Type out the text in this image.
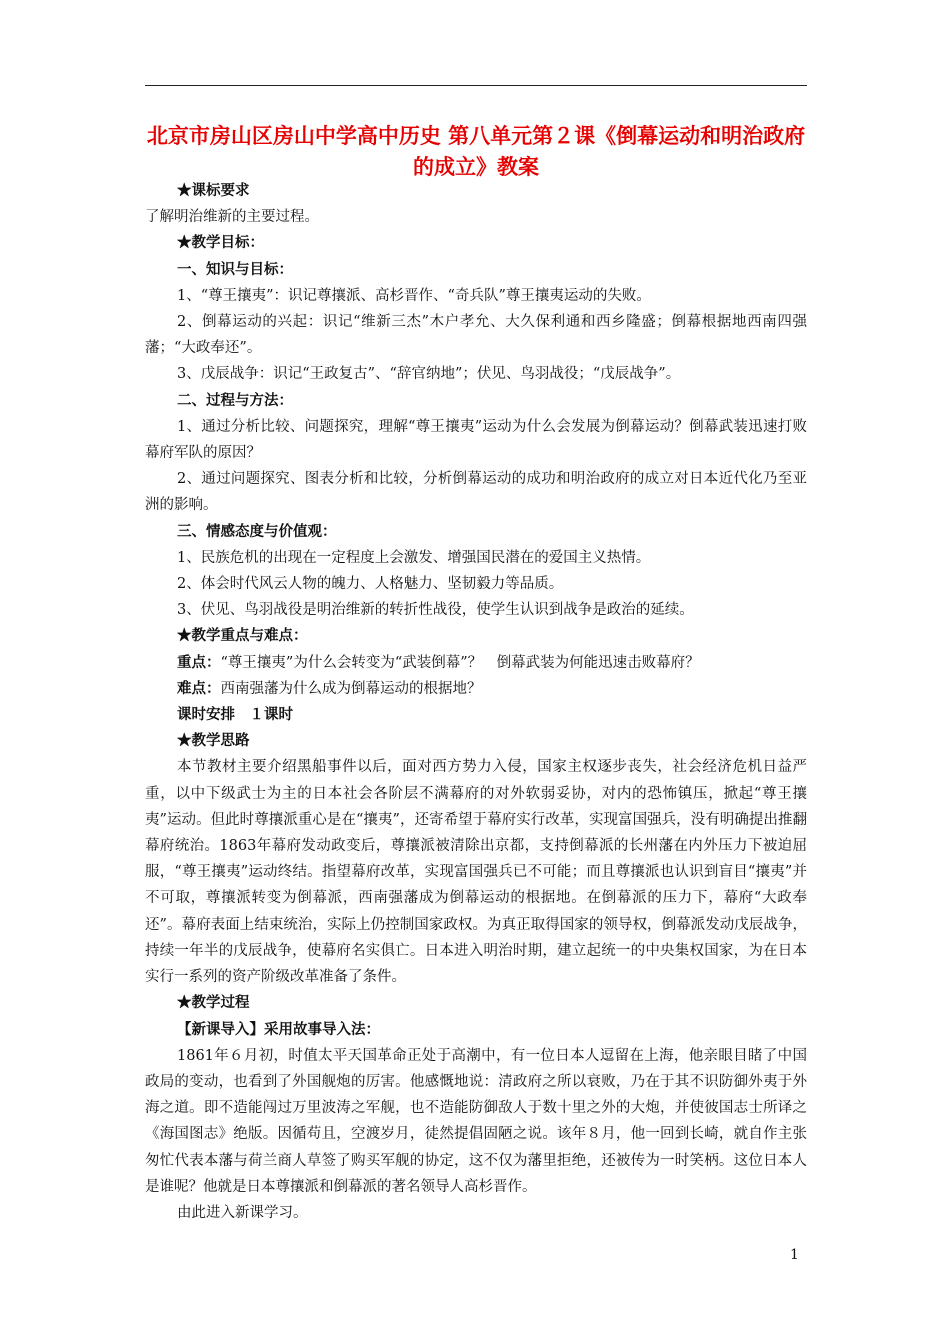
北京市房山区房山中学高中历史 第八单元第２课《倒幕运动和明治政府的成立》教案

★课标要求

了解明治维新的主要过程。

★教学目标：

一、知识与目标：

1、“尊王攘夷”：识记尊攘派、高杉晋作、“奇兵队”尊王攘夷运动的失败。

2、倒幕运动的兴起：识记“维新三杰”木户孝允、大久保利通和西乡隆盛；倒幕根据地西南四强藩；“大政奉还”。

3、戊辰战争：识记“王政复古”、“辞官纳地”；伏见、鸟羽战役；“戊辰战争”。

二、过程与方法：

1、通过分析比较、问题探究，理解“尊王攘夷”运动为什么会发展为倒幕运动？倒幕武装迅速打败幕府军队的原因？

2、通过问题探究、图表分析和比较，分析倒幕运动的成功和明治政府的成立对日本近代化乃至亚洲的影响。

三、情感态度与价值观：

1、民族危机的出现在一定程度上会激发、增强国民潜在的爱国主义热情。

2、体会时代风云人物的魄力、人格魅力、坚韧毅力等品质。

3、伏见、鸟羽战役是明治维新的转折性战役，使学生认识到战争是政治的延续。

★教学重点与难点：

重点：“尊王攘夷”为什么会转变为“武装倒幕”？　倒幕武装为何能迅速击败幕府？

难点：西南强藩为什么成为倒幕运动的根据地？

课时安排　１课时

★教学思路

本节教材主要介绍黑船事件以后，面对西方势力入侵，国家主权逐步丧失，社会经济危机日益严重，以中下级武士为主的日本社会各阶层不满幕府的对外软弱妥协，对内的恐怖镇压，掀起“尊王攘夷”运动。但此时尊攘派重心是在“攘夷”，还寄希望于幕府实行改革，实现富国强兵，没有明确提出推翻幕府统治。1863年幕府发动政变后，尊攘派被清除出京都，支持倒幕派的长州藩在内外压力下被迫屈服，“尊王攘夷”运动终结。指望幕府改革，实现富国强兵已不可能；而且尊攘派也认识到盲目“攘夷”并不可取，尊攘派转变为倒幕派，西南强藩成为倒幕运动的根据地。在倒幕派的压力下，幕府“大政奉还”。幕府表面上结束统治，实际上仍控制国家政权。为真正取得国家的领导权，倒幕派发动戊辰战争，持续一年半的戊辰战争，使幕府名实俱亡。日本进入明治时期，建立起统一的中央集权国家，为在日本实行一系列的资产阶级改革准备了条件。

★教学过程

【新课导入】采用故事导入法：

1861年６月初，时值太平天国革命正处于高潮中，有一位日本人逗留在上海，他亲眼目睹了中国政局的变动，也看到了外国舰炮的厉害。他感慨地说：清政府之所以衰败，乃在于其不识防御外夷于外海之道。即不造能闯过万里波涛之军舰，也不造能防御敌人于数十里之外的大炮，并使彼国志士所译之《海国图志》绝版。因循苟且，空渡岁月，徒然提倡固陋之说。该年８月，他一回到长崎，就自作主张匆忙代表本藩与荷兰商人草签了购买军舰的协定，这不仅为藩里拒绝，还被传为一时笑柄。这位日本人是谁呢？他就是日本尊攘派和倒幕派的著名领导人高杉晋作。

由此进入新课学习。

1
